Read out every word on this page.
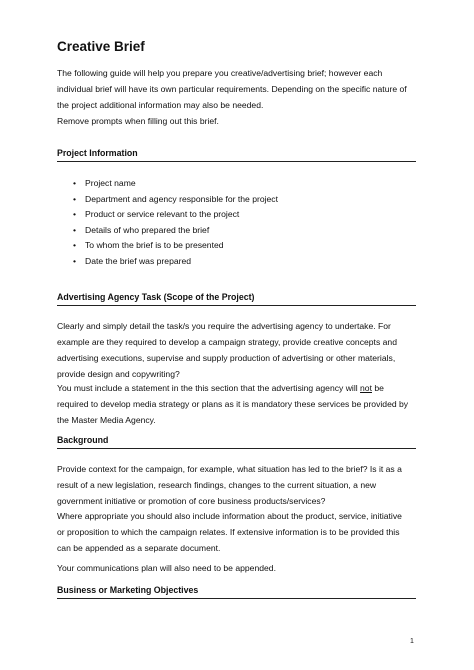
Creative Brief
The following guide will help you prepare you creative/advertising brief; however each
individual brief will have its own particular requirements. Depending on the specific nature of
the project additional information may also be needed.
Remove prompts when filling out this brief.
Project Information
• Project name
• Department and agency responsible for the project
• Product or service relevant to the project
• Details of who prepared the brief
• To whom the brief is to be presented
• Date the brief was prepared
Advertising Agency Task (Scope of the Project)
Clearly and simply detail the task/s you require the advertising agency to undertake. For
example are they required to develop a campaign strategy, provide creative concepts and
advertising executions, supervise and supply production of advertising or other materials,
provide design and copywriting?
You must include a statement in the this section that the advertising agency will not be
required to develop media strategy or plans as it is mandatory these services be provided by
the Master Media Agency.
Background
Provide context for the campaign, for example, what situation has led to the brief? Is it as a
result of a new legislation, research findings, changes to the current situation, a new
government initiative or promotion of core business products/services?
Where appropriate you should also include information about the product, service, initiative
or proposition to which the campaign relates. If extensive information is to be provided this
can be appended as a separate document.
Your communications plan will also need to be appended.
Business or Marketing Objectives
1
